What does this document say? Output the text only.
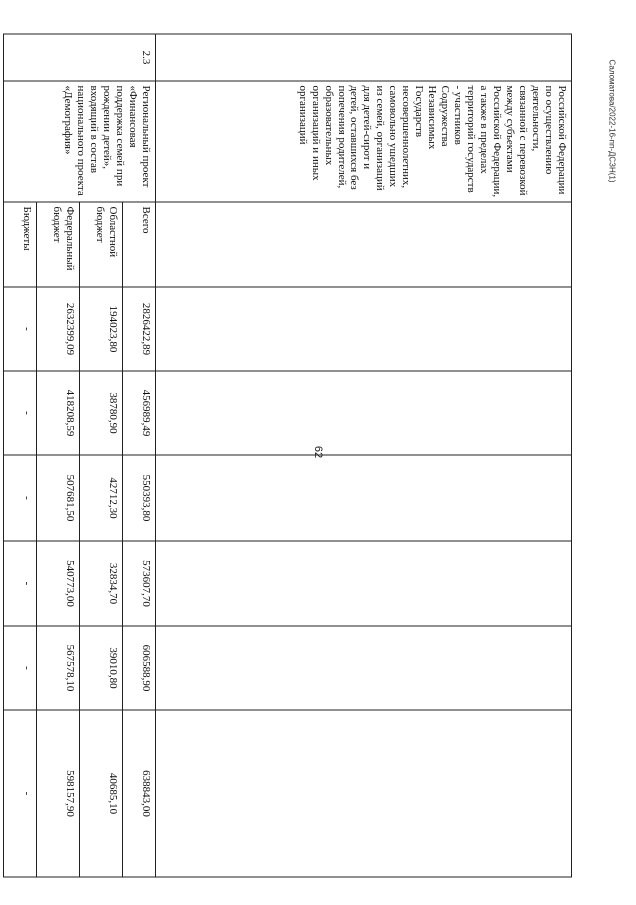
62
Саломатова/2022-16-пп-ДСЗН(1)
	Российской Федерации по осуществлению деятельности, связанной с перевозкой между субъектами Российской Федерации, а также в пределах территорий государств - участников Содружества Независимых Государств несовершеннолетних, самовольно ушедших из семей, организаций для детей-сирот и детей, оставшихся без попечения родителей, образовательных организаций и иных организаций							
2.3	Региональный проект «Финансовая поддержка семей при рождении детей», входящий в состав национального проекта «Демография»	Всего	2826422,89	456989,49	550393,80	573607,70	606588,90	638843,00
		Областной бюджет	194023,80	38780,90	42712,30	32834,70	39010,80	40685,10
		Федеральный бюджет	2632399,09	418208,59	507681,50	540773,00	567578,10	598157,90
		Бюджеты	-	-	-	-	-	-
